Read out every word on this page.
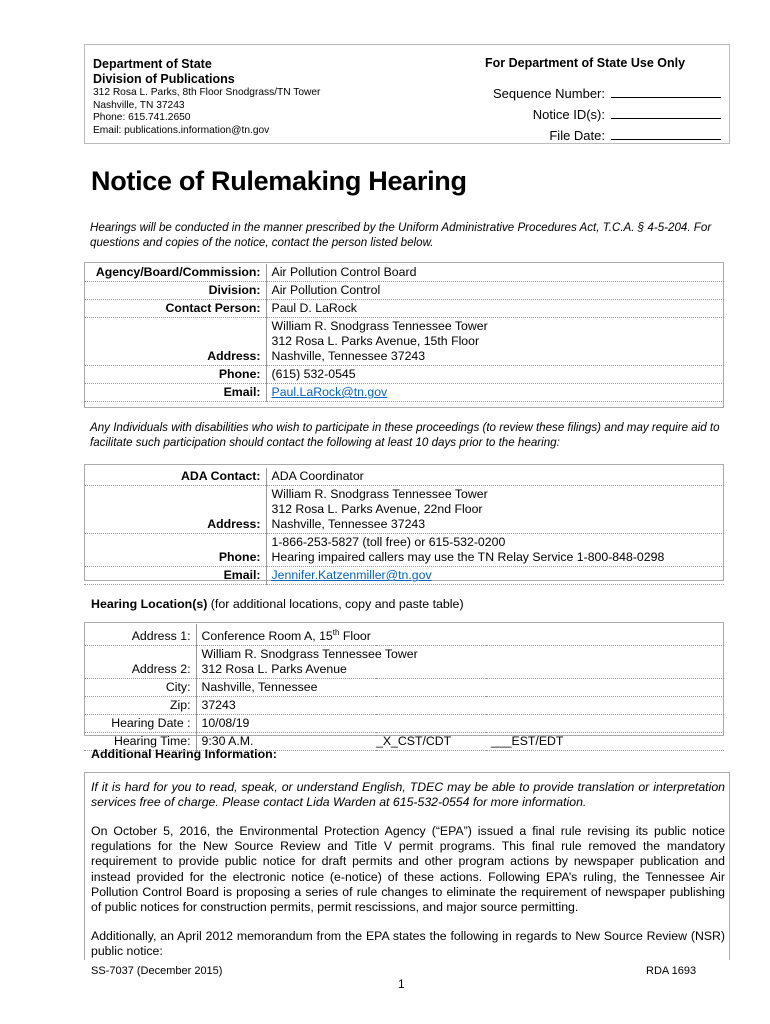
Department of State
Division of Publications
312 Rosa L. Parks, 8th Floor Snodgrass/TN Tower
Nashville, TN 37243
Phone: 615.741.2650
Email: publications.information@tn.gov
For Department of State Use Only
Sequence Number:
Notice ID(s):
File Date:
Notice of Rulemaking Hearing
Hearings will be conducted in the manner prescribed by the Uniform Administrative Procedures Act, T.C.A. § 4-5-204. For questions and copies of the notice, contact the person listed below.
Agency/Board/Commission:	Air Pollution Control Board
Division:	Air Pollution Control
Contact Person:	Paul D. LaRock
Address:	William R. Snodgrass Tennessee Tower
312 Rosa L. Parks Avenue, 15th Floor
Nashville, Tennessee 37243

Phone:	(615) 532-0545
Email:	Paul.LaRock@tn.gov
Any Individuals with disabilities who wish to participate in these proceedings (to review these filings) and may require aid to facilitate such participation should contact the following at least 10 days prior to the hearing:
ADA Contact:	ADA Coordinator
Address:	William R. Snodgrass Tennessee Tower
312 Rosa L. Parks Avenue, 22nd Floor
Nashville, Tennessee 37243

Phone:	1-866-253-5827 (toll free) or 615-532-0200
Hearing impaired callers may use the TN Relay Service 1-800-848-0298

Email:	Jennifer.Katzenmiller@tn.gov
Hearing Location(s) (for additional locations, copy and paste table)
Address 1:	Conference Room A, 15th Floor		
Address 2:	William R. Snodgrass Tennessee Tower
312 Rosa L. Parks Avenue		

City:	Nashville, Tennessee		
Zip:	37243		
Hearing Date :	10/08/19		
Hearing Time:	9:30 A.M.	_X_CST/CDT	___EST/EDT
Additional Hearing Information:
If it is hard for you to read, speak, or understand English, TDEC may be able to provide translation or interpretation services free of charge. Please contact Lida Warden at 615-532-0554 for more information.
On October 5, 2016, the Environmental Protection Agency (“EPA”) issued a final rule revising its public notice regulations for the New Source Review and Title V permit programs. This final rule removed the mandatory requirement to provide public notice for draft permits and other program actions by newspaper publication and instead provided for the electronic notice (e-notice) of these actions. Following EPA’s ruling, the Tennessee Air Pollution Control Board is proposing a series of rule changes to eliminate the requirement of newspaper publishing of public notices for construction permits, permit rescissions, and major source permitting.
Additionally, an April 2012 memorandum from the EPA states the following in regards to New Source Review (NSR) public notice:
SS-7037 (December 2015)
1
RDA 1693
